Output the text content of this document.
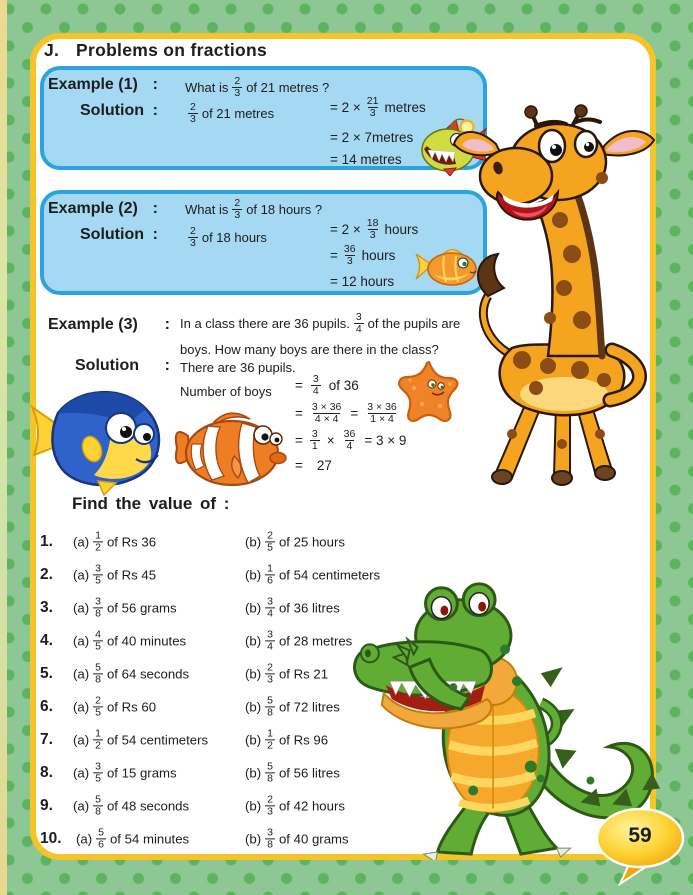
J. Problems on fractions
Example (1) : What is $\frac{2}{3}$ of 21 metres ?
Solution :	$\frac{2}{3}$ of 21 metres	= $2 \times \frac{21}{3}$ metres
= 2 × 7metres
= 14 metres
Example (2) : What is $\frac{2}{3}$ of 18 hours ?
Solution :	$\frac{2}{3}$ of 18 hours
= $2 \times \frac{18}{3}$ hours
= $\frac{36}{3}$ hours
= 12 hours
Example (3) : In a class there are 36 pupils. $\frac{3}{4}$ of the pupils are
boys. How many boys are there in the class?
Solution : There are 36 pupils.
Number of boys = $\frac{3}{4}$ of 36
= $\frac{3 \times 36}{4 \times 4} = \frac{3 \times 36}{1 \times 4}$
= $\frac{3}{1} \times \frac{36}{4} = 3 \times 9$
= 27
Find the value of :
1. $(a) \frac{1}{2}$ of Rs 36	$(b) \frac{2}{5}$ of 25 hours
2. $(a) \frac{3}{5}$ of Rs 45	$(b) \frac{1}{6}$ of 54 centimeters
3. $(a) \frac{3}{8}$ of 56 grams	$(b) \frac{3}{4}$ of 36 litres
4. $(a) \frac{4}{5}$ of 40 minutes	$(b) \frac{3}{4}$ of 28 metres
5. $(a) \frac{5}{8}$ of 64 seconds	$(b) \frac{2}{3}$ of Rs 21
6. $(a) \frac{2}{5}$ of Rs 60	$(b) \frac{5}{8}$ of 72 litres
7. $(a) \frac{1}{2}$ of 54 centimeters	$(b) \frac{1}{2}$ of Rs 96
8. $(a) \frac{3}{5}$ of 15 grams	$(b) \frac{5}{8}$ of 56 litres
9. $(a) \frac{5}{8}$ of 48 seconds	$(b) \frac{2}{3}$ of 42 hours
10. $(a) \frac{5}{6}$ of 54 minutes	$(b) \frac{3}{8}$ of 40 grams	59
